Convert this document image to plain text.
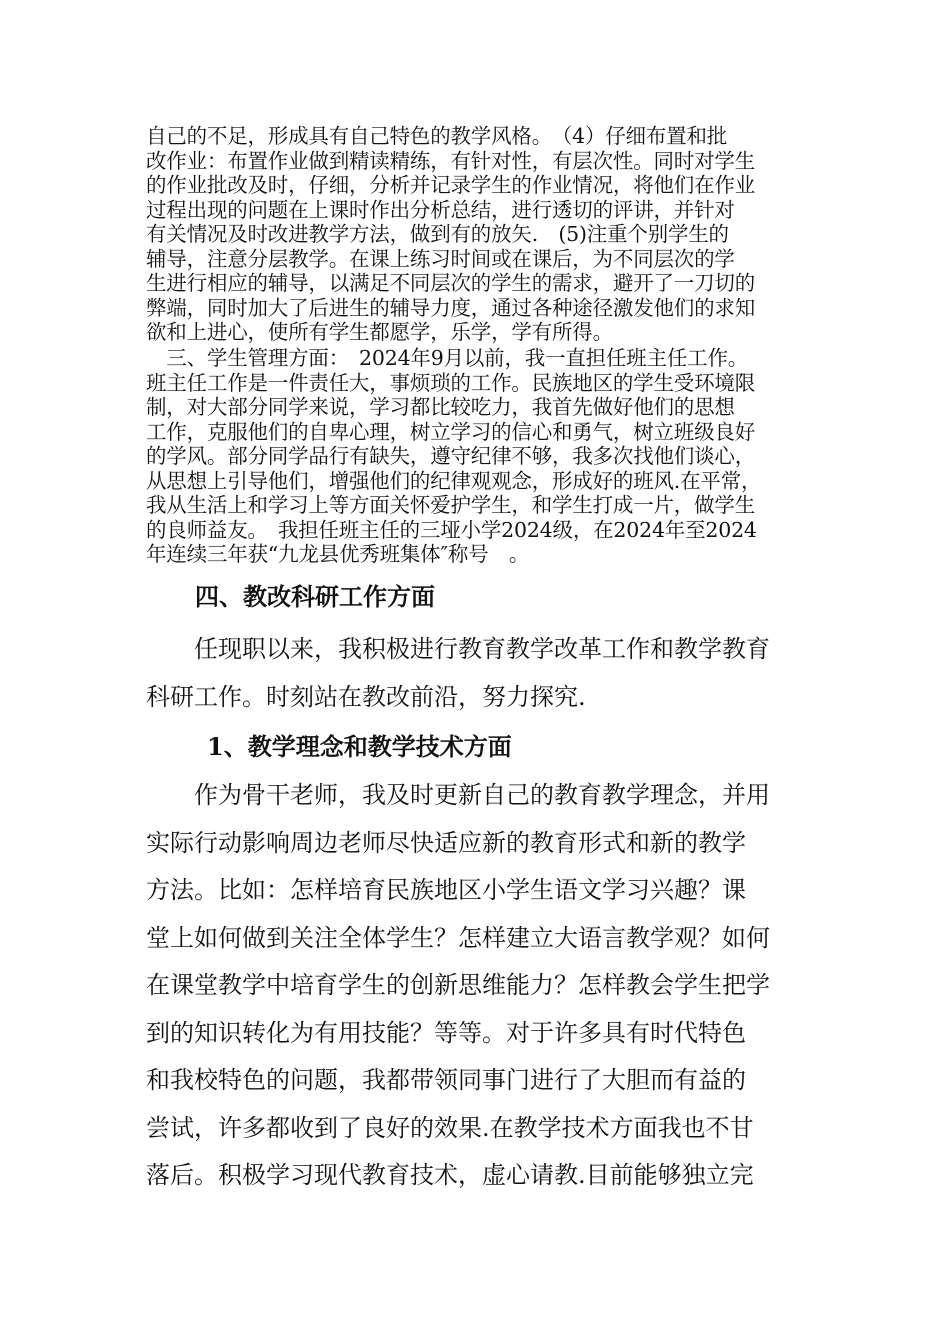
自己的不足，形成具有自己特色的教学风格。　（4）仔细布置和批
改作业：布置作业做到精读精练，有针对性，有层次性。同时对学生
的作业批改及时，仔细，分析并记录学生的作业情况，将他们在作业
过程出现的问题在上课时作出分析总结，进行透切的评讲，并针对
有关情况及时改进教学方法，做到有的放矢.　(5)注重个别学生的
辅导，注意分层教学。在课上练习时间或在课后，为不同层次的学
生进行相应的辅导，以满足不同层次的学生的需求，避开了一刀切的
弊端，同时加大了后进生的辅导力度，通过各种途径激发他们的求知
欲和上进心，使所有学生都愿学，乐学，学有所得。

　三、学生管理方面：　2024年9月以前，我一直担任班主任工作。
班主任工作是一件责任大，事烦琐的工作。民族地区的学生受环境限
制，对大部分同学来说，学习都比较吃力，我首先做好他们的思想
工作，克服他们的自卑心理，树立学习的信心和勇气，树立班级良好
的学风。部分同学品行有缺失，遵守纪律不够，我多次找他们谈心，
从思想上引导他们，增强他们的纪律观观念，形成好的班风.在平常，
我从生活上和学习上等方面关怀爱护学生，和学生打成一片，做学生
的良师益友。　我担任班主任的三垭小学2024级，在2024年至2024
年连续三年获“九龙县优秀班集体″称号　。

四、教改科研工作方面

　　任现职以来，我积极进行教育教学改革工作和教学教育
科研工作。时刻站在教改前沿，努力探究.

1、教学理念和教学技术方面

　　作为骨干老师，我及时更新自己的教育教学理念，并用
实际行动影响周边老师尽快适应新的教育形式和新的教学
方法。比如：怎样培育民族地区小学生语文学习兴趣？课
堂上如何做到关注全体学生？怎样建立大语言教学观？如何
在课堂教学中培育学生的创新思维能力？怎样教会学生把学
到的知识转化为有用技能？等等。对于许多具有时代特色
和我校特色的问题，我都带领同事门进行了大胆而有益的
尝试，许多都收到了良好的效果.在教学技术方面我也不甘
落后。积极学习现代教育技术，虚心请教.目前能够独立完
